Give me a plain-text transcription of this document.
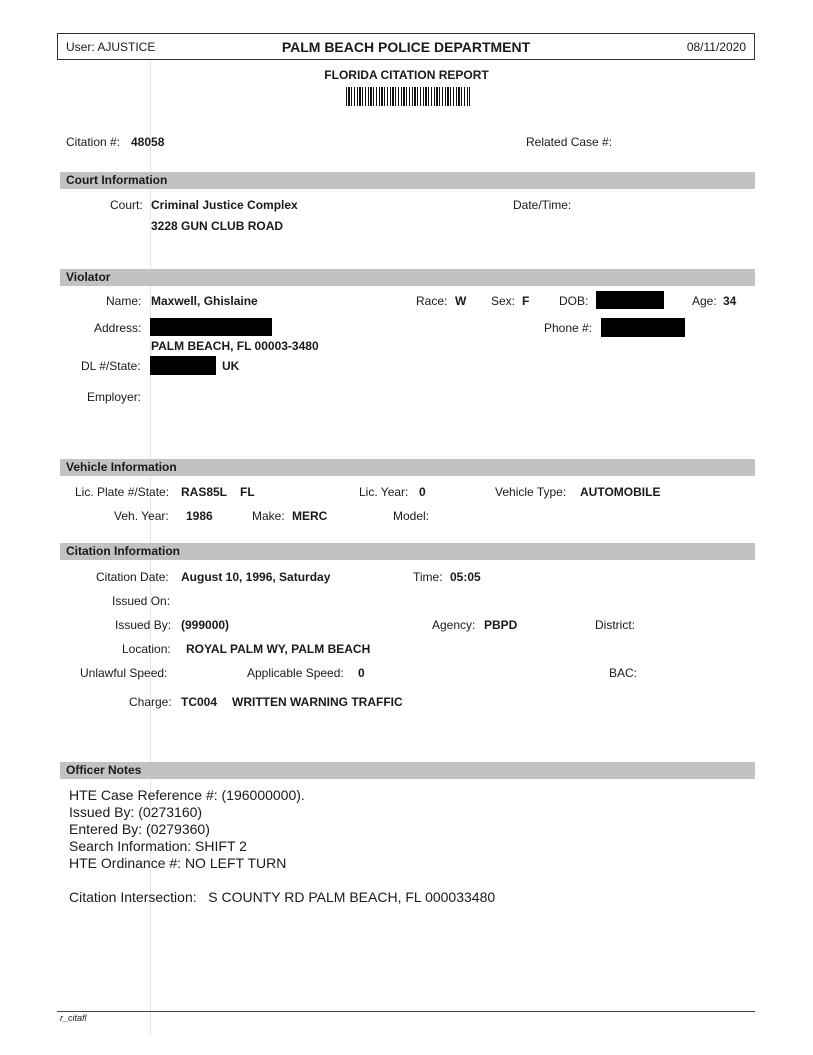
User: AJUSTICE	PALM BEACH POLICE DEPARTMENT	08/11/2020
FLORIDA CITATION REPORT
Citation #: 48058	Related Case #:
Court Information
Court: Criminal Justice Complex
3228 GUN CLUB ROAD
Date/Time:
Violator
Name: Maxwell, Ghislaine	Race: W Sex: F DOB:	Age: 34
Address:
PALM BEACH, FL 00003-3480
Phone #:
DL #/State:	UK
Employer:
Vehicle Information
Lic. Plate #/State: RAS85L FL	Lic. Year: 0	Vehicle Type: AUTOMOBILE
Veh. Year: 1986	Make: MERC	Model:
Citation Information
Citation Date: August 10, 1996, Saturday	Time: 05:05
Issued On:
Issued By: (999000)	Agency: PBPD	District:
Location: ROYAL PALM WY, PALM BEACH
Unlawful Speed:	Applicable Speed: 0	BAC:
Charge: TC004 WRITTEN WARNING TRAFFIC
Officer Notes
HTE Case Reference #: (196000000).
Issued By: (0273160)
Entered By: (0279360)
Search Information: SHIFT 2
HTE Ordinance #: NO LEFT TURN
Citation Intersection:   S COUNTY RD PALM BEACH, FL 000033480
r_citafl
